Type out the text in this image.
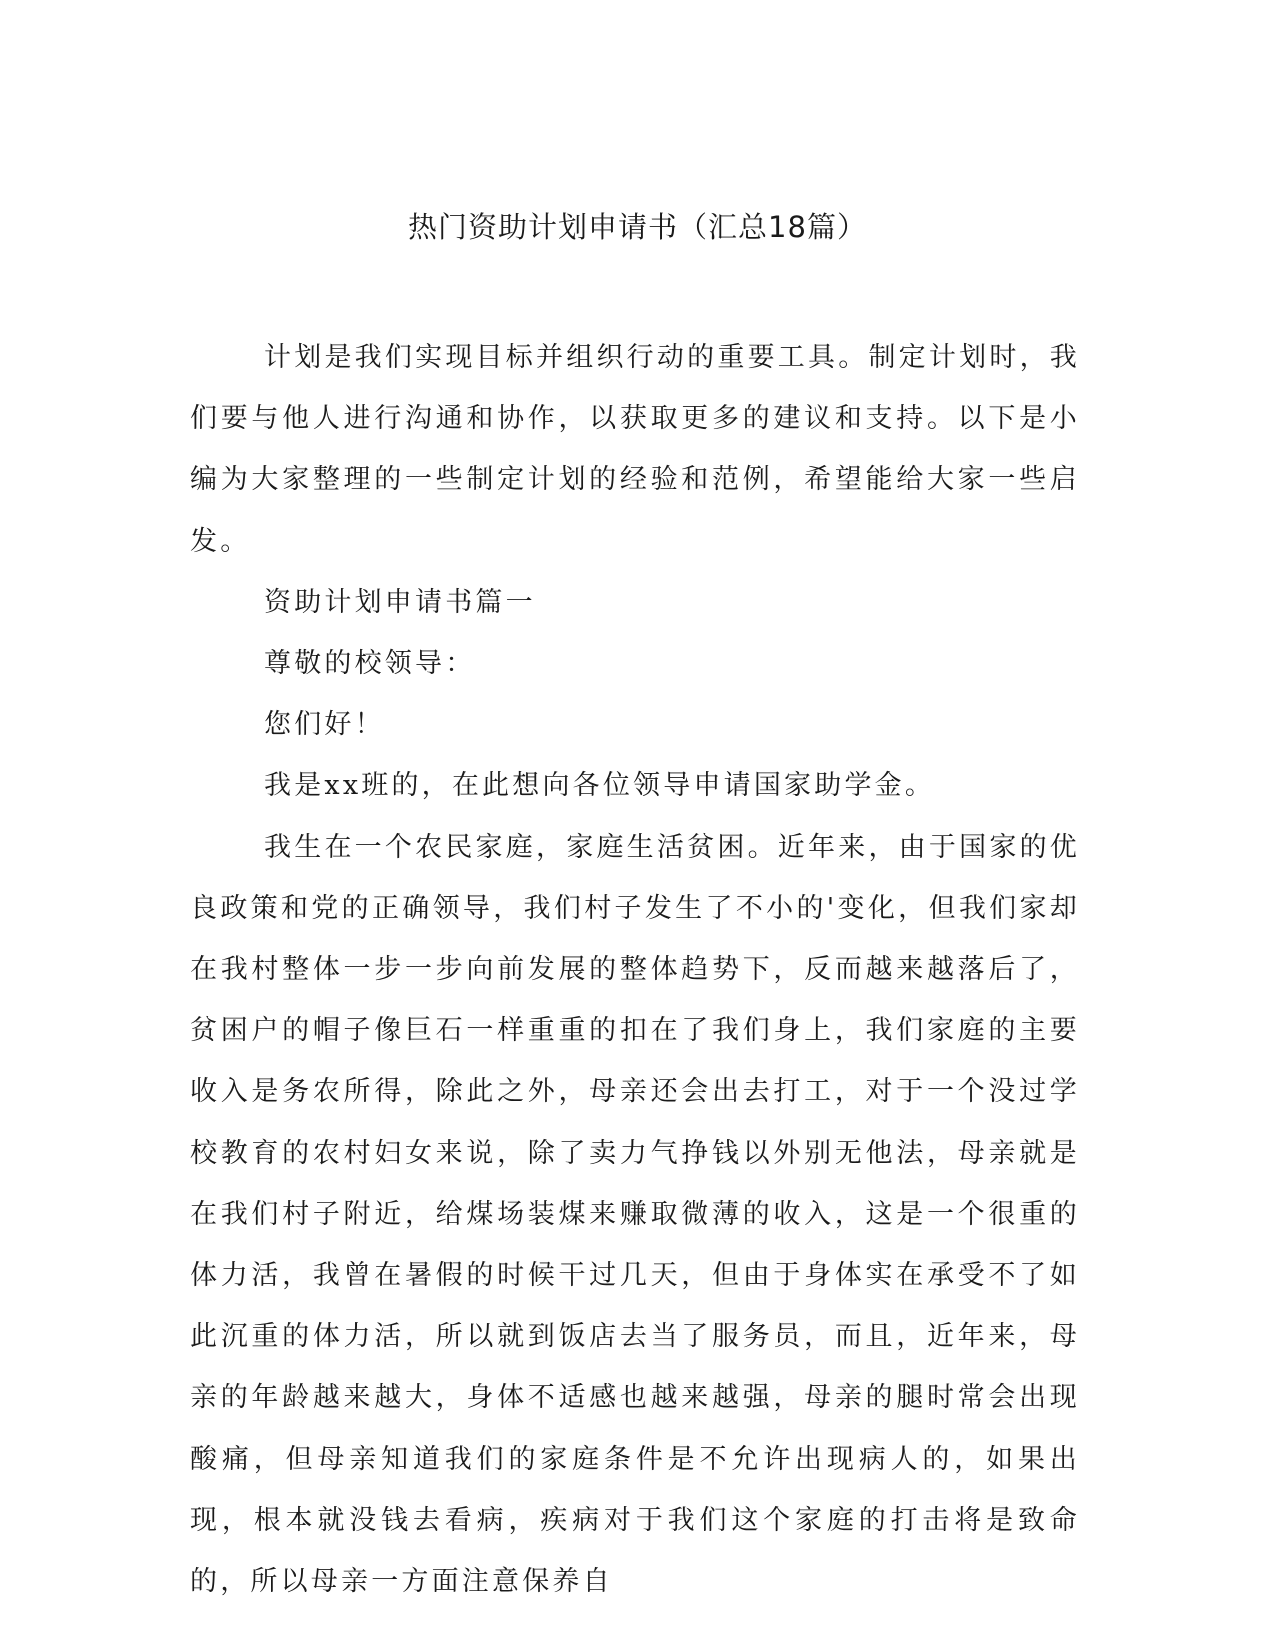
热门资助计划申请书（汇总18篇）

计划是我们实现目标并组织行动的重要工具。制定计划时，我们要与他人进行沟通和协作，以获取更多的建议和支持。以下是小编为大家整理的一些制定计划的经验和范例，希望能给大家一些启发。

资助计划申请书篇一

尊敬的校领导：

您们好！

我是xx班的，在此想向各位领导申请国家助学金。

我生在一个农民家庭，家庭生活贫困。近年来，由于国家的优良政策和党的正确领导，我们村子发生了不小的'变化，但我们家却在我村整体一步一步向前发展的整体趋势下，反而越来越落后了，贫困户的帽子像巨石一样重重的扣在了我们身上，我们家庭的主要收入是务农所得，除此之外，母亲还会出去打工，对于一个没过学校教育的农村妇女来说，除了卖力气挣钱以外别无他法，母亲就是在我们村子附近，给煤场装煤来赚取微薄的收入，这是一个很重的体力活，我曾在暑假的时候干过几天，但由于身体实在承受不了如此沉重的体力活，所以就到饭店去当了服务员，而且，近年来，母亲的年龄越来越大，身体不适感也越来越强，母亲的腿时常会出现酸痛，但母亲知道我们的家庭条件是不允许出现病人的，如果出现，根本就没钱去看病，疾病对于我们这个家庭的打击将是致命的，所以母亲一方面注意保养自
